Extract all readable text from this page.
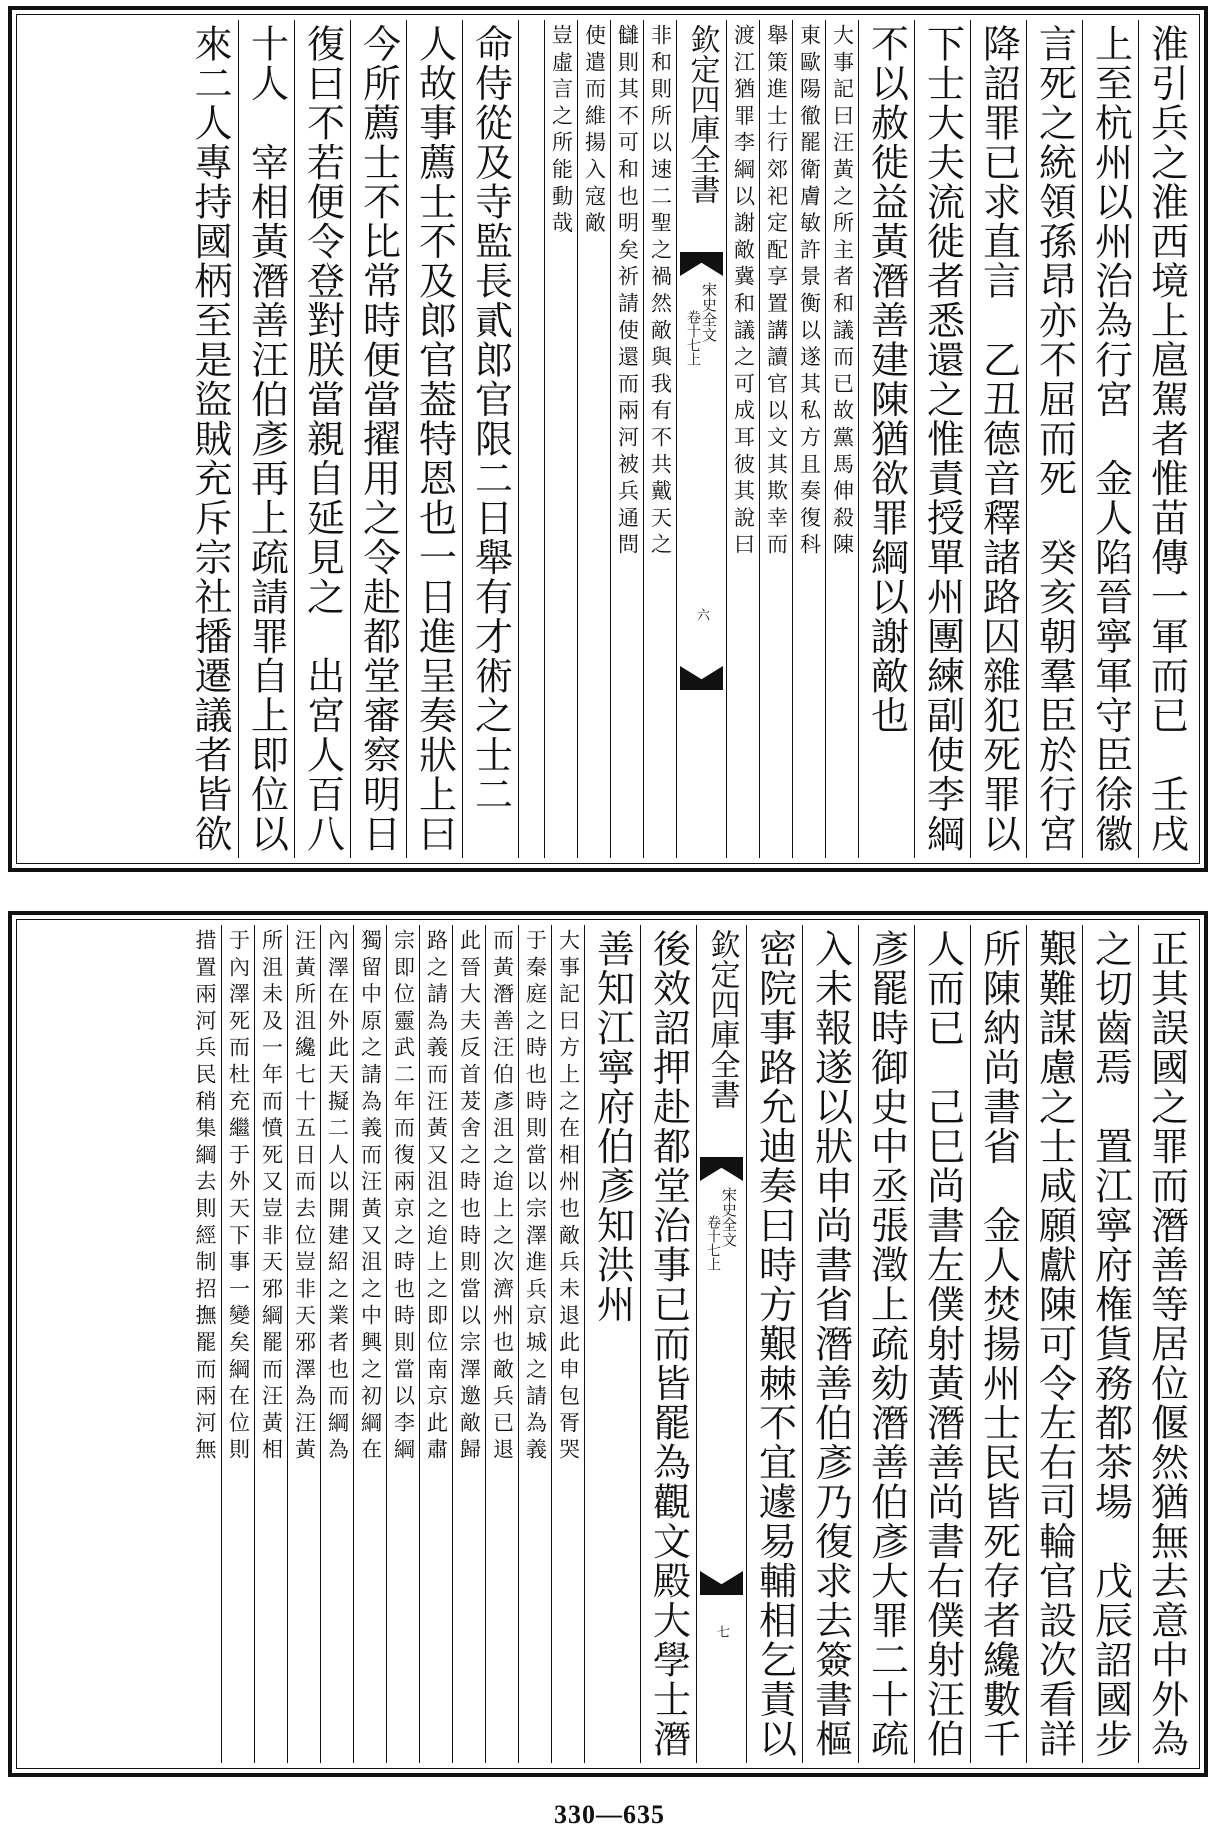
淮引兵之淮西境上扈駕者惟苗傳一軍而已　壬戌
上至杭州以州治為行宮　金人陷晉寧軍守臣徐徽
言死之統領孫昂亦不屈而死　癸亥朝羣臣於行宮
降詔罪已求直言　乙丑德音釋諸路囚雜犯死罪以
下士大夫流徙者悉還之惟責授單州團練副使李綱
不以赦徙益黃潛善建陳猶欲罪綱以謝敵也
大事記曰汪黃之所主者和議而已故黨馬伸殺陳
東歐陽徹罷衛膚敏許景衡以遂其私方且奏復科
舉策進士行郊祀定配享置講讀官以文其欺幸而
渡江猶罪李綱以謝敵冀和議之可成耳彼其說曰
欽定四庫全書
宋史全文
卷十七上
六
非和則所以速二聖之禍然敵與我有不共戴天之
讎則其不可和也明矣祈請使還而兩河被兵通問
使遣而維揚入寇敵
豈虛言之所能動哉
命侍從及寺監長貳郎官限二日舉有才術之士二
人故事薦士不及郎官葢特恩也一日進呈奏狀上曰
今所薦士不比常時便當擢用之令赴都堂審察明日
復曰不若便令登對朕當親自延見之　出宮人百八
十人　宰相黃潛善汪伯彥再上疏請罪自上即位以
來二人專持國柄至是盜賊充斥宗社播遷議者皆欲
正其誤國之罪而潛善等居位偃然猶無去意中外為
之切齒焉　置江寧府権貨務都茶場　戊辰詔國步
艱難謀慮之士咸願獻陳可令左右司輪官設次看詳
所陳納尚書省　金人焚揚州士民皆死存者纔數千
人而已　己巳尚書左僕射黃潛善尚書右僕射汪伯
彥罷時御史中丞張澂上疏劾潛善伯彥大罪二十疏
入未報遂以狀申尚書省潛善伯彥乃復求去簽書樞
密院事路允迪奏曰時方艱棘不宜遽易輔相乞責以
欽定四庫全書
宋史全文
卷十七上
七
後效詔押赴都堂治事已而皆罷為觀文殿大學士潛
善知江寧府伯彥知洪州
大事記曰方上之在相州也敵兵未退此申包胥哭
于秦庭之時也時則當以宗澤進兵京城之請為義
而黃潛善汪伯彥沮之迨上之次濟州也敵兵已退
此晉大夫反首茇舍之時也時則當以宗澤邀敵歸
路之請為義而汪黃又沮之迨上之即位南京此肅
宗即位靈武二年而復兩京之時也時則當以李綱
獨留中原之請為義而汪黃又沮之中興之初綱在
內澤在外此天擬二人以開建紹之業者也而綱為
汪黃所沮纔七十五日而去位豈非天邪澤為汪黃
所沮未及一年而憤死又豈非天邪綱罷而汪黃相
于內澤死而杜充繼于外天下事一變矣綱在位則
措置兩河兵民稍集綱去則經制招撫罷而兩河無
330—635
